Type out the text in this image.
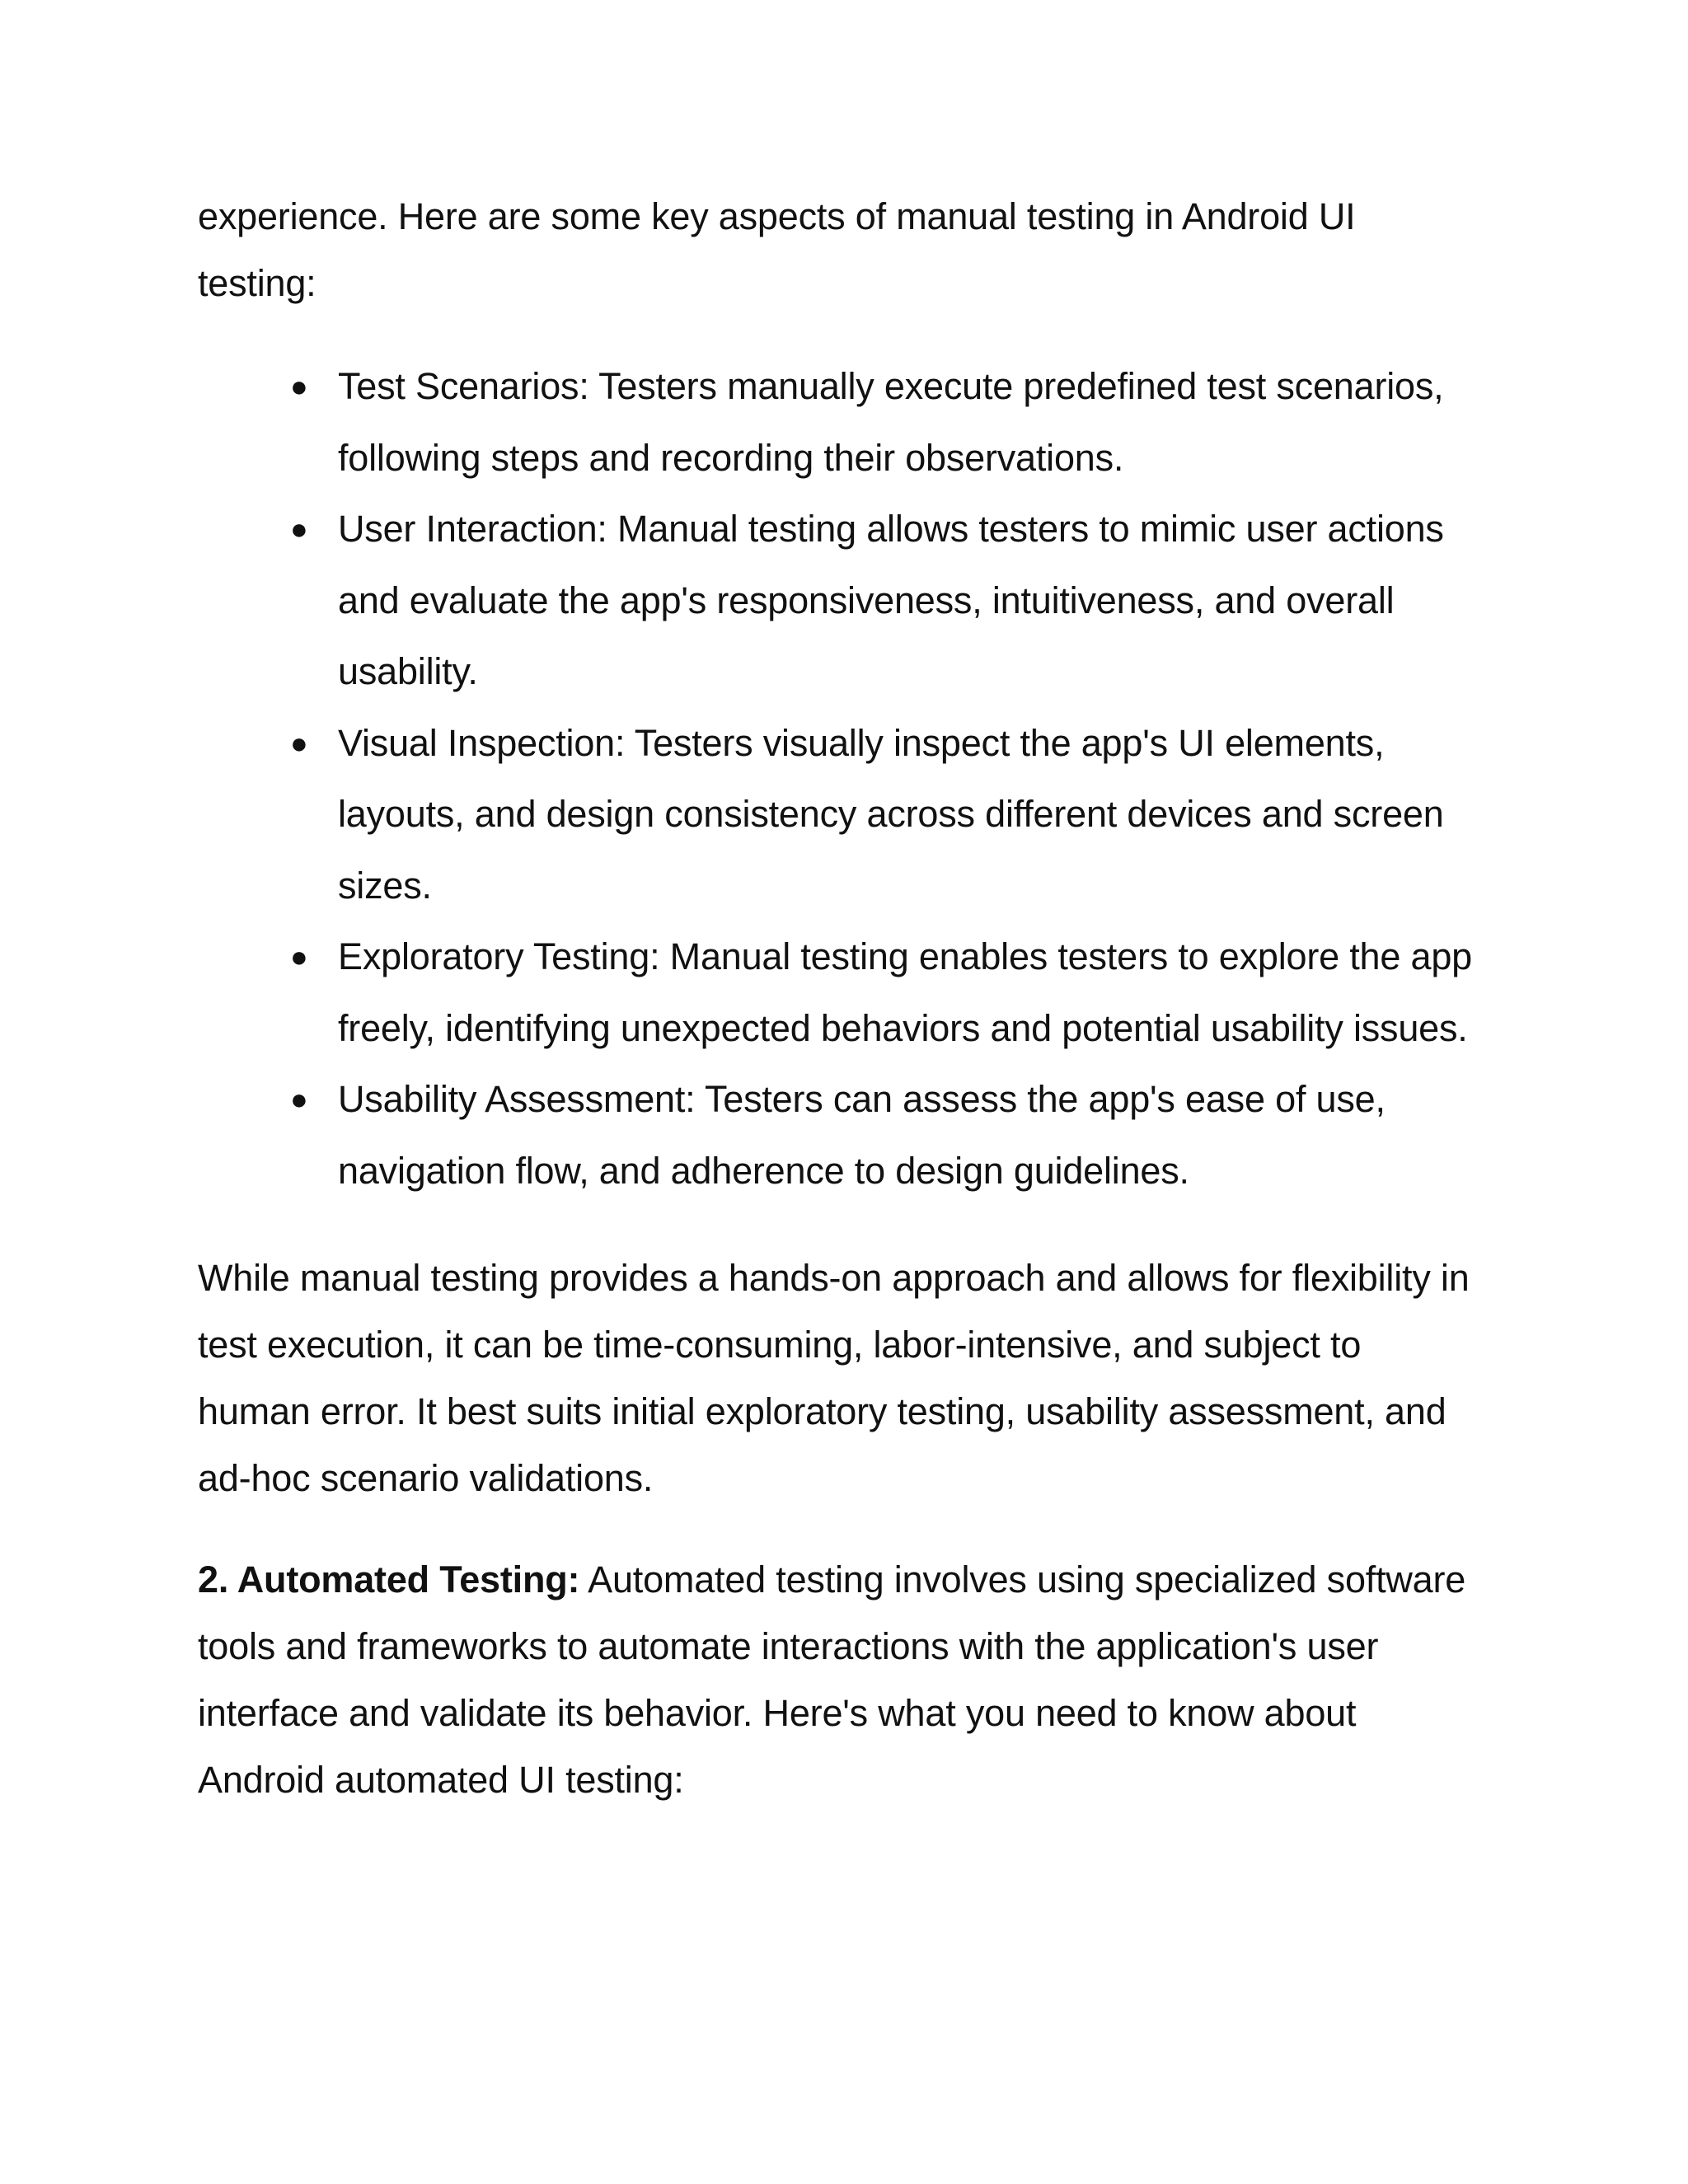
experience. Here are some key aspects of manual testing in Android UI testing:

● Test Scenarios: Testers manually execute predefined test scenarios, following steps and recording their observations.
● User Interaction: Manual testing allows testers to mimic user actions and evaluate the app's responsiveness, intuitiveness, and overall usability.
● Visual Inspection: Testers visually inspect the app's UI elements, layouts, and design consistency across different devices and screen sizes.
● Exploratory Testing: Manual testing enables testers to explore the app freely, identifying unexpected behaviors and potential usability issues.
● Usability Assessment: Testers can assess the app's ease of use, navigation flow, and adherence to design guidelines.

While manual testing provides a hands-on approach and allows for flexibility in test execution, it can be time-consuming, labor-intensive, and subject to human error. It best suits initial exploratory testing, usability assessment, and ad-hoc scenario validations.

2. Automated Testing: Automated testing involves using specialized software tools and frameworks to automate interactions with the application's user interface and validate its behavior. Here's what you need to know about Android automated UI testing:
